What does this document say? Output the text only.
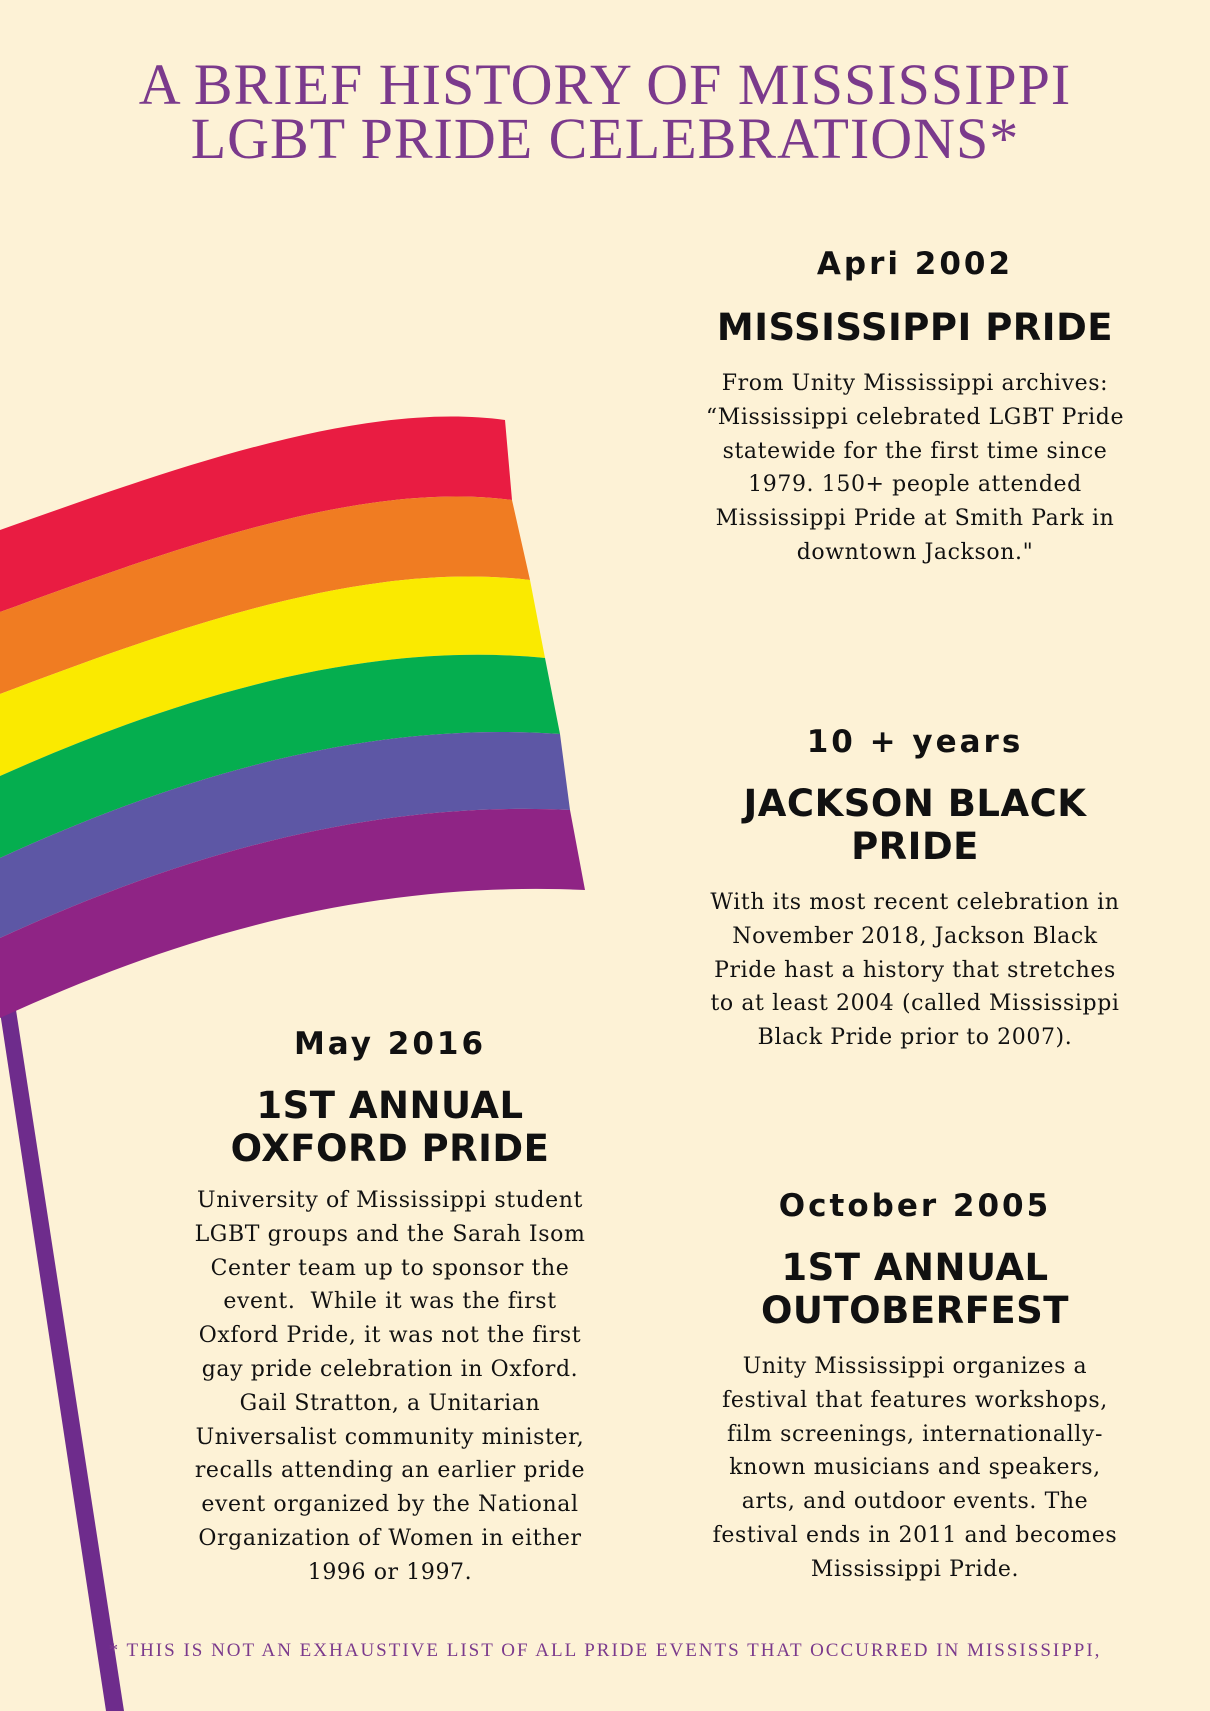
A BRIEF HISTORY OF MISSISSIPPI
LGBT PRIDE CELEBRATIONS*

Apri 2002

MISSISSIPPI PRIDE
From Unity Mississippi archives:
“Mississippi celebrated LGBT Pride
statewide for the first time since
1979. 150+ people attended
Mississippi Pride at Smith Park in
downtown Jackson."

10 + years

JACKSON BLACK
PRIDE
With its most recent celebration in
November 2018, Jackson Black
Pride hast a history that stretches
to at least 2004 (called Mississippi
Black Pride prior to 2007).

May 2016

1ST ANNUAL
OXFORD PRIDE
University of Mississippi student
LGBT groups and the Sarah Isom
Center team up to sponsor the
event.  While it was the first
Oxford Pride, it was not the first
gay pride celebration in Oxford.
Gail Stratton, a Unitarian
Universalist community minister,
recalls attending an earlier pride
event organized by the National
Organization of Women in either
1996 or 1997.

October 2005

1ST ANNUAL
OUTOBERFEST
Unity Mississippi organizes a
festival that features workshops,
film screenings, internationally-
known musicians and speakers,
arts, and outdoor events. The
festival ends in 2011 and becomes
Mississippi Pride.

* THIS IS NOT AN EXHAUSTIVE LIST OF ALL PRIDE EVENTS THAT OCCURRED IN MISSISSIPPI,
